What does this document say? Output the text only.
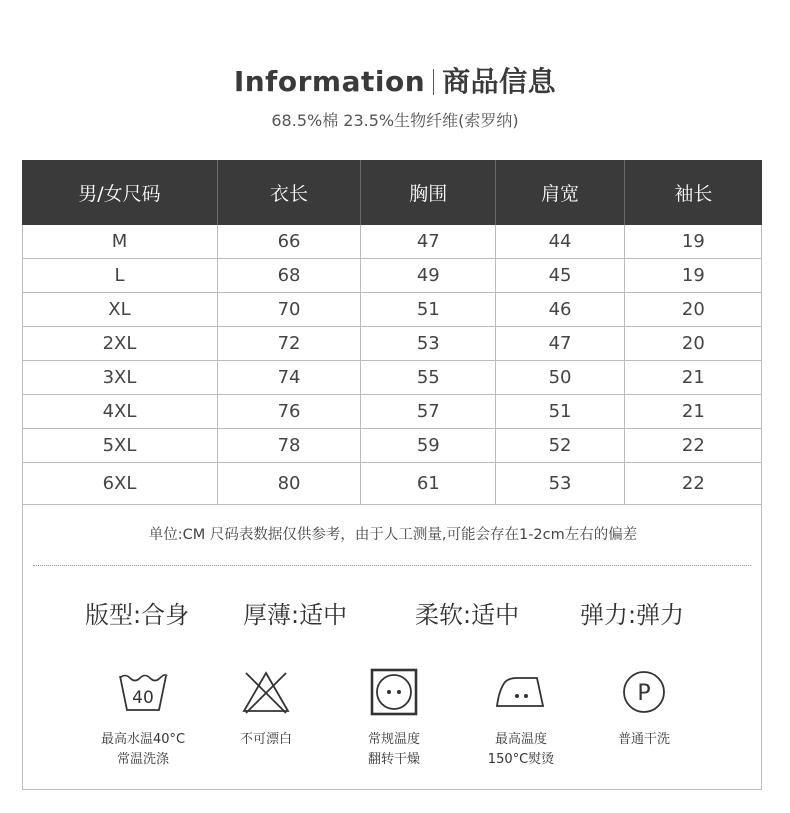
Information 商品信息
68.5%棉 23.5%生物纤维(索罗纳)
男/女尺码	衣长	胸围	肩宽	袖长
M	66	47	44	19
L	68	49	45	19
XL	70	51	46	20
2XL	72	53	47	20
3XL	74	55	50	21
4XL	76	57	51	21
5XL	78	59	52	22
6XL	80	61	53	22
单位:CM 尺码表数据仅供参考，由于人工测量,可能会存在1-2cm左右的偏差
版型:合身 厚薄:适中	柔软:适中	弹力:弹力
40
最高水温40°C
常温洗涤
不可漂白	常规温度
翻转干燥
最高温度
150°C熨烫
P
普通干洗
